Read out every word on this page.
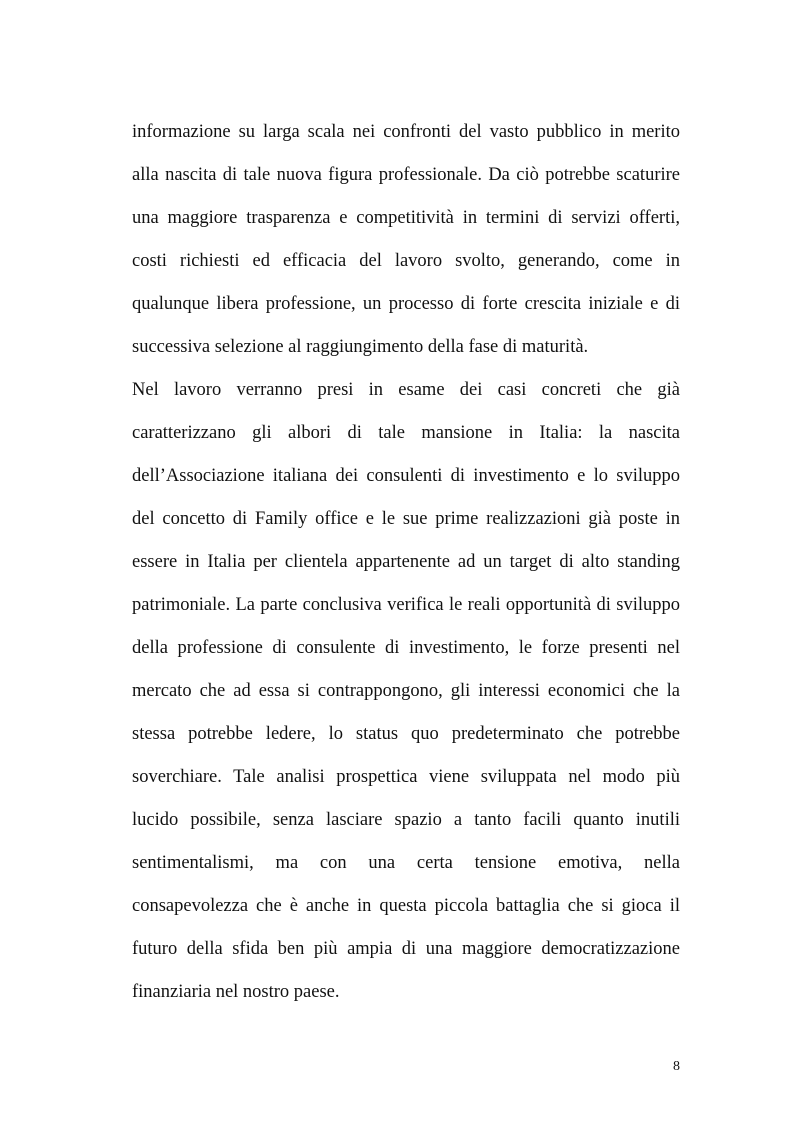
informazione su larga scala nei confronti del vasto pubblico in merito
alla nascita di tale nuova figura professionale. Da ciò potrebbe scaturire
una maggiore trasparenza e competitività in termini di servizi offerti,
costi richiesti ed efficacia del lavoro svolto, generando, come in
qualunque libera professione, un processo di forte crescita iniziale e di
successiva selezione al raggiungimento della fase di maturità.
Nel lavoro verranno presi in esame dei casi concreti che già
caratterizzano gli albori di tale mansione in Italia: la nascita
dell’Associazione italiana dei consulenti di investimento e lo sviluppo
del concetto di Family office e le sue prime realizzazioni già poste in
essere in Italia per clientela appartenente ad un target di alto standing
patrimoniale. La parte conclusiva verifica le reali opportunità di sviluppo
della professione di consulente di investimento, le forze presenti nel
mercato che ad essa si contrappongono, gli interessi economici che la
stessa potrebbe ledere, lo status quo predeterminato che potrebbe
soverchiare. Tale analisi prospettica viene sviluppata nel modo più
lucido possibile, senza lasciare spazio a tanto facili quanto inutili
sentimentalismi, ma con una certa tensione emotiva, nella
consapevolezza che è anche in questa piccola battaglia che si gioca il
futuro della sfida ben più ampia di una maggiore democratizzazione
finanziaria nel nostro paese.
8
